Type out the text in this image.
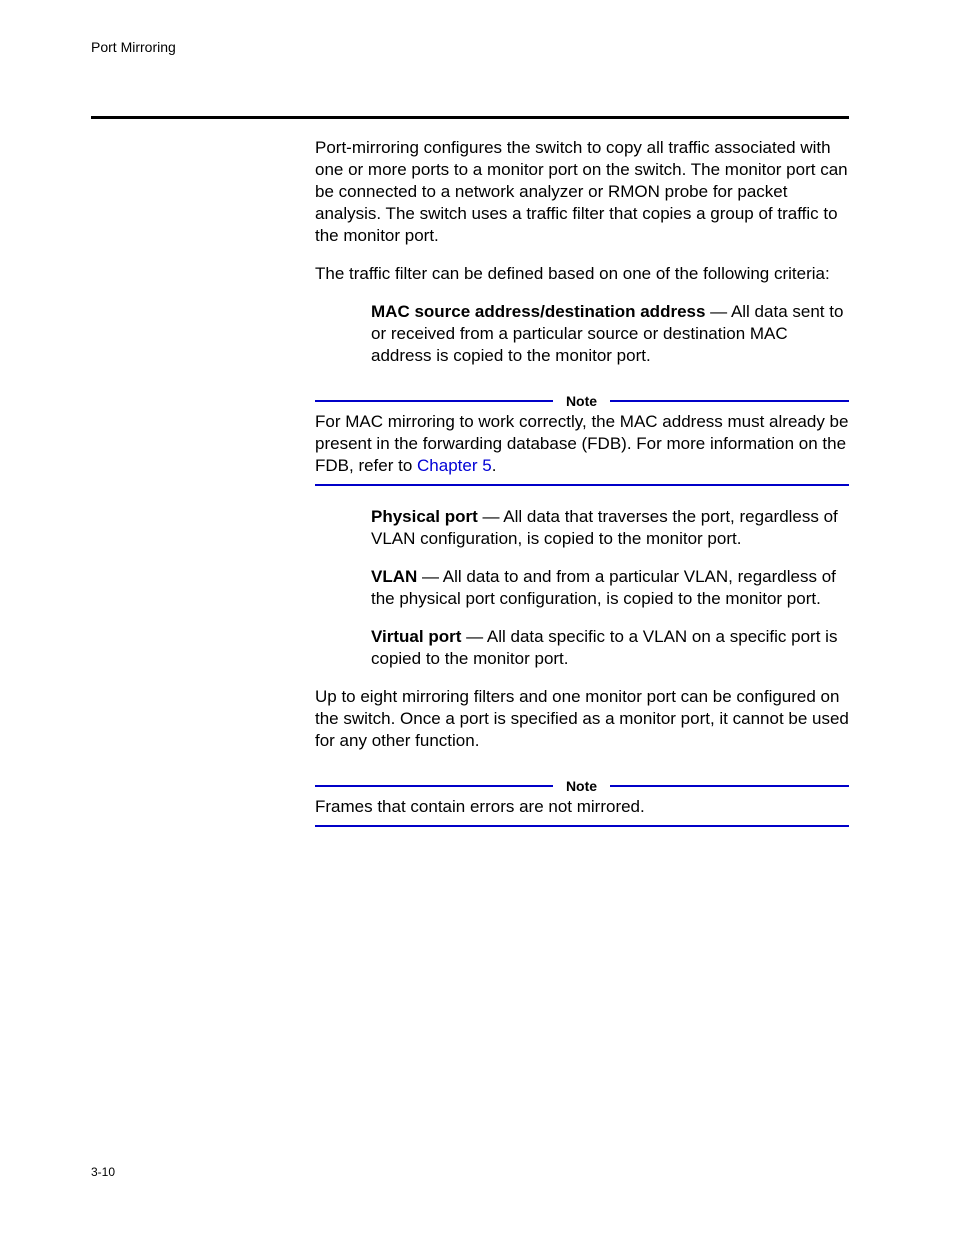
Port Mirroring

Port-mirroring configures the switch to copy all traffic associated with one or more ports to a monitor port on the switch. The monitor port can be connected to a network analyzer or RMON probe for packet analysis. The switch uses a traffic filter that copies a group of traffic to the monitor port.

The traffic filter can be defined based on one of the following criteria:

MAC source address/destination address — All data sent to or received from a particular source or destination MAC address is copied to the monitor port.

Note

For MAC mirroring to work correctly, the MAC address must already be present in the forwarding database (FDB). For more information on the FDB, refer to Chapter 5.

Physical port — All data that traverses the port, regardless of VLAN configuration, is copied to the monitor port.

VLAN — All data to and from a particular VLAN, regardless of the physical port configuration, is copied to the monitor port.

Virtual port — All data specific to a VLAN on a specific port is copied to the monitor port.

Up to eight mirroring filters and one monitor port can be configured on the switch. Once a port is specified as a monitor port, it cannot be used for any other function.

Note

Frames that contain errors are not mirrored.

3-10
